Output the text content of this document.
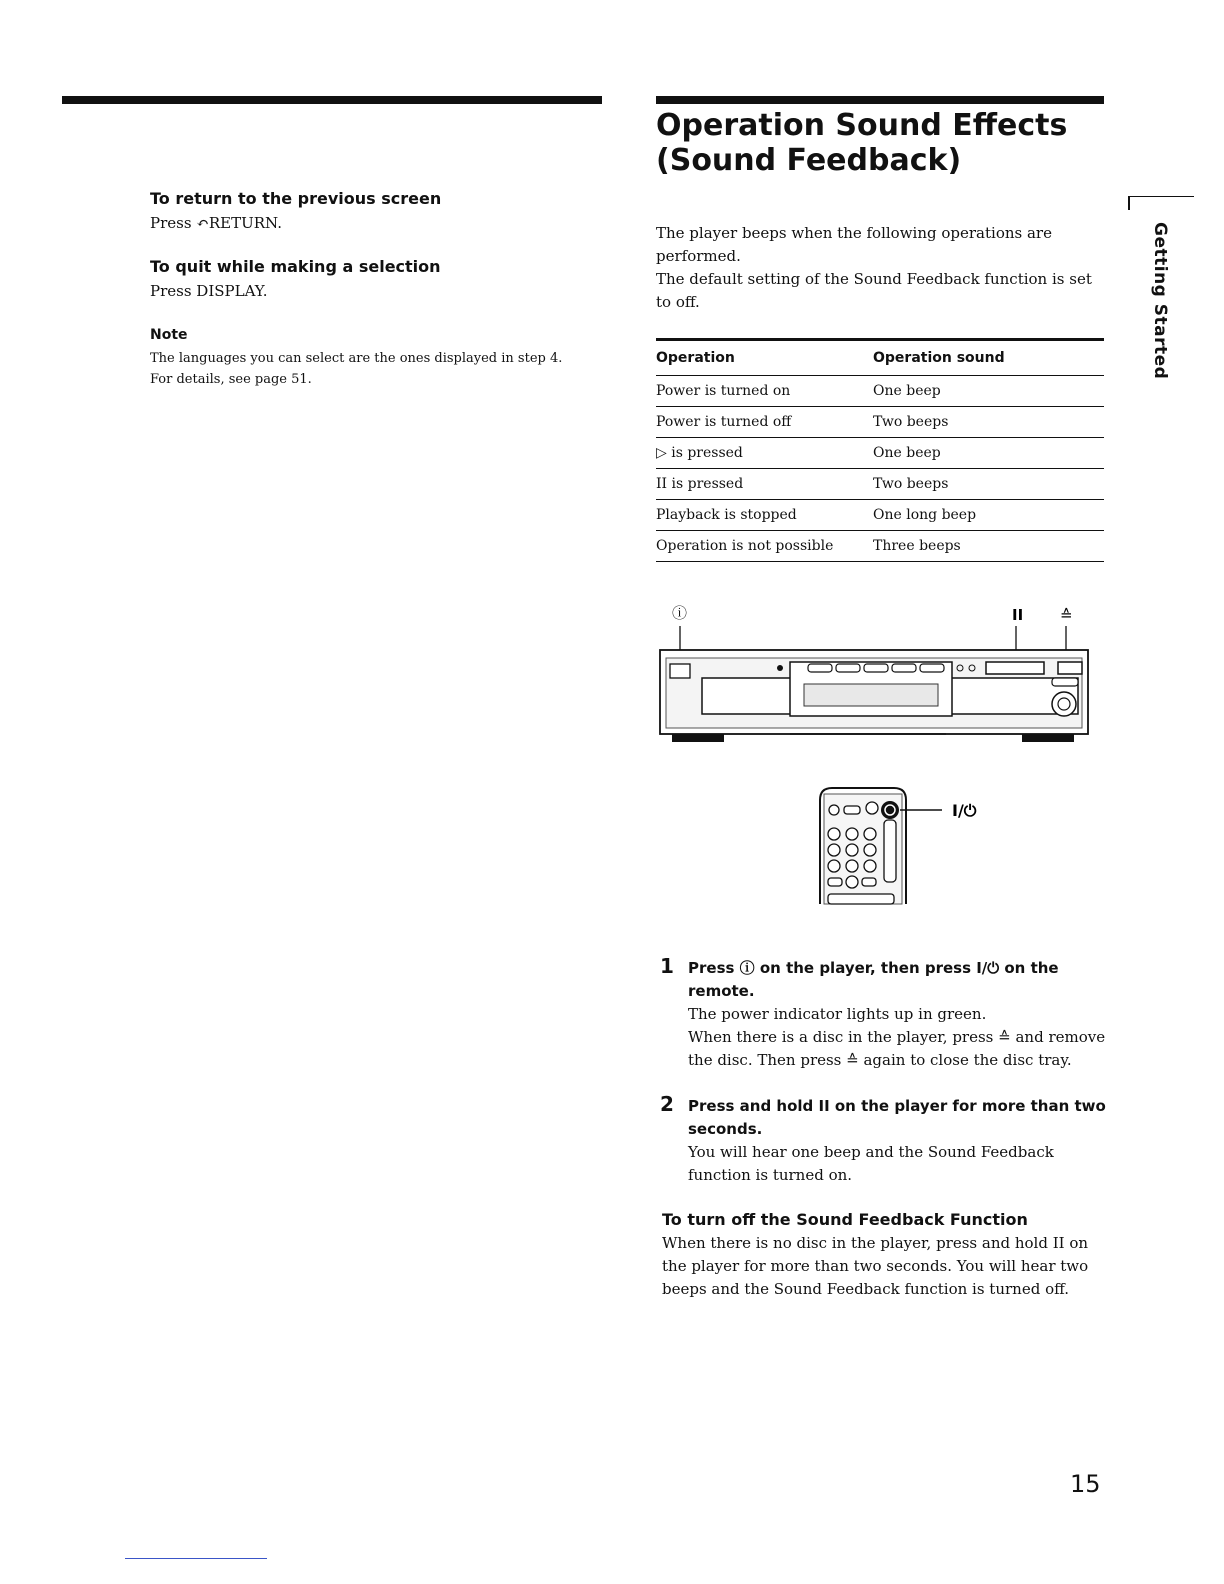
To return to the previous screen
Press ↶RETURN.
To quit while making a selection
Press DISPLAY.
Note
The languages you can select are the ones displayed in step 4.
For details, see page 51.
Operation Sound Effects
(Sound Feedback)
The player beeps when the following operations are
performed.
The default setting of the Sound Feedback function is set
to off.
Operation	Operation sound
Power is turned on	One beep
Power is turned off	Two beeps
▷ is pressed	One beep
II is pressed	Two beeps
Playback is stopped	One long beep
Operation is not possible	Three beeps
ⓘ	II ≙
I/⏻
1 Press ⓘ on the player, then press I/⏻ on the
remote.
The power indicator lights up in green.
When there is a disc in the player, press ≙ and remove
the disc. Then press ≙ again to close the disc tray.
2 Press and hold II on the player for more than two
seconds.
You will hear one beep and the Sound Feedback
function is turned on.
To turn off the Sound Feedback Function
When there is no disc in the player, press and hold II on
the player for more than two seconds. You will hear two
beeps and the Sound Feedback function is turned off.
Getting Started
15
